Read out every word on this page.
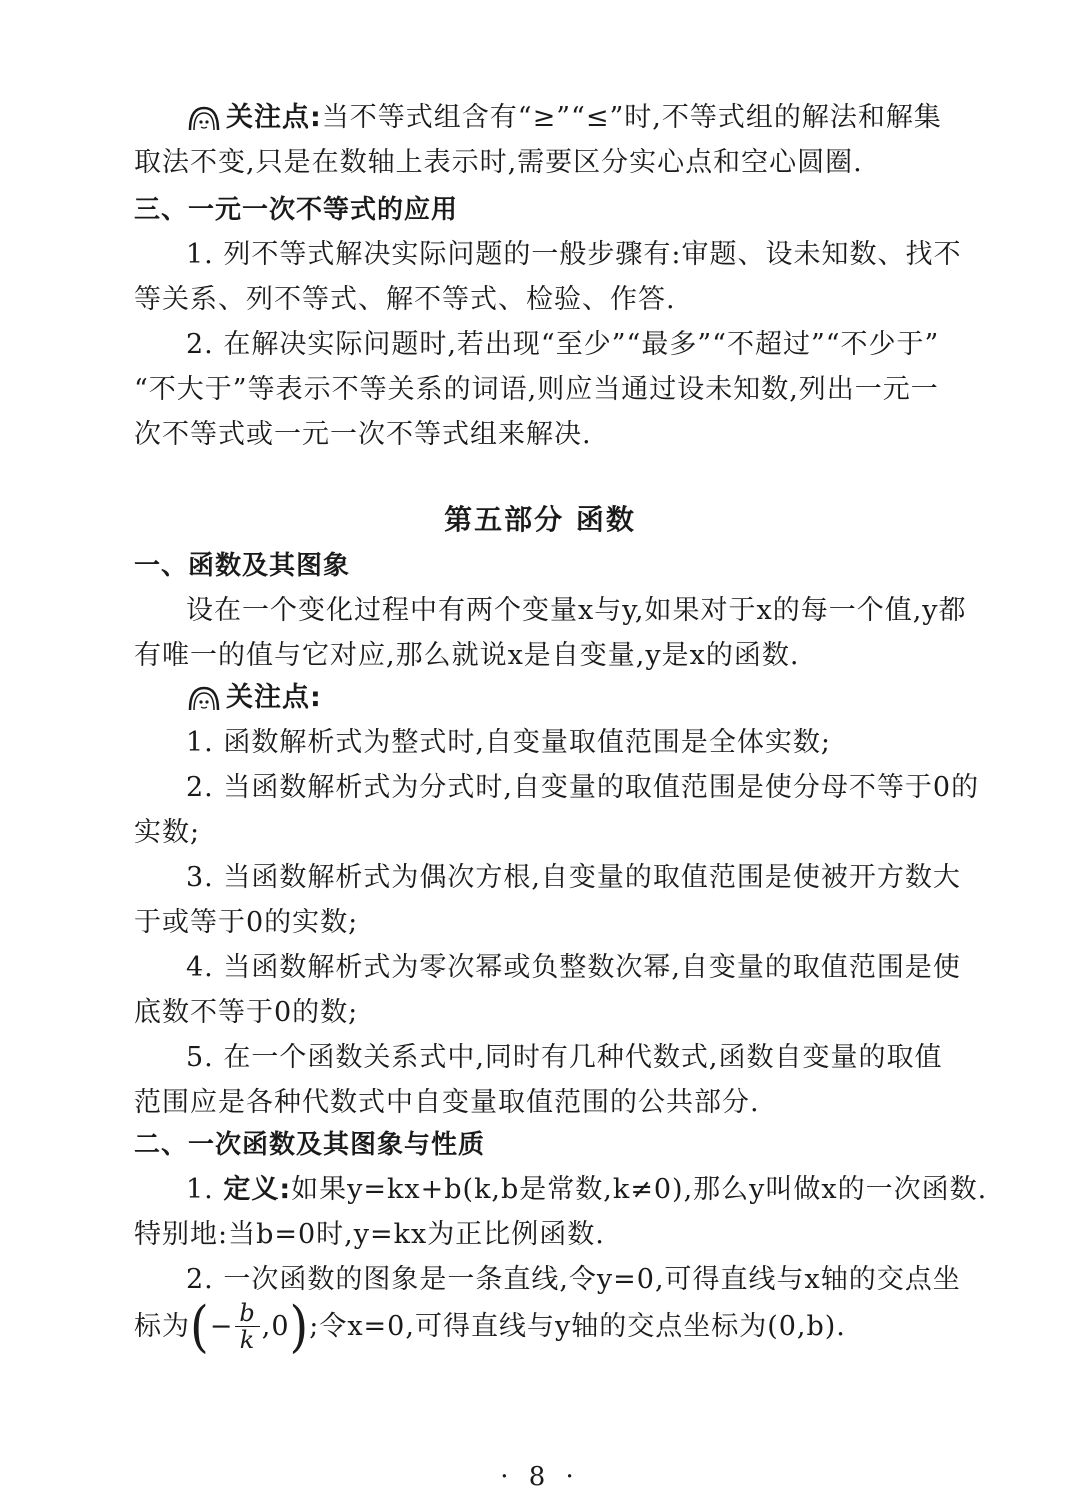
关注点:当不等式组含有“≥”“≤”时,不等式组的解法和解集
取法不变,只是在数轴上表示时,需要区分实心点和空心圆圈.
三、一元一次不等式的应用
1. 列不等式解决实际问题的一般步骤有:审题、设未知数、找不
等关系、列不等式、解不等式、检验、作答.
2. 在解决实际问题时,若出现“至少”“最多”“不超过”“不少于”
“不大于”等表示不等关系的词语,则应当通过设未知数,列出一元一
次不等式或一元一次不等式组来解决.
第五部分 函数
一、函数及其图象
设在一个变化过程中有两个变量x与y,如果对于x的每一个值,y都
有唯一的值与它对应,那么就说x是自变量,y是x的函数.
关注点:
1. 函数解析式为整式时,自变量取值范围是全体实数;
2. 当函数解析式为分式时,自变量的取值范围是使分母不等于0的
实数;
3. 当函数解析式为偶次方根,自变量的取值范围是使被开方数大
于或等于0的实数;
4. 当函数解析式为零次幂或负整数次幂,自变量的取值范围是使
底数不等于0的数;
5. 在一个函数关系式中,同时有几种代数式,函数自变量的取值
范围应是各种代数式中自变量取值范围的公共部分.
二、一次函数及其图象与性质
1. 定义:如果y=kx+b(k,b是常数,k≠0),那么y叫做x的一次函数.
特别地:当b=0时,y=kx为正比例函数.
2. 一次函数的图象是一条直线,令y=0,可得直线与x轴的交点坐
标为 ( − $\frac{b}{k} ,0$ ) ;令x=0,可得直线与y轴的交点坐标为(0,b).
· 8 ·
